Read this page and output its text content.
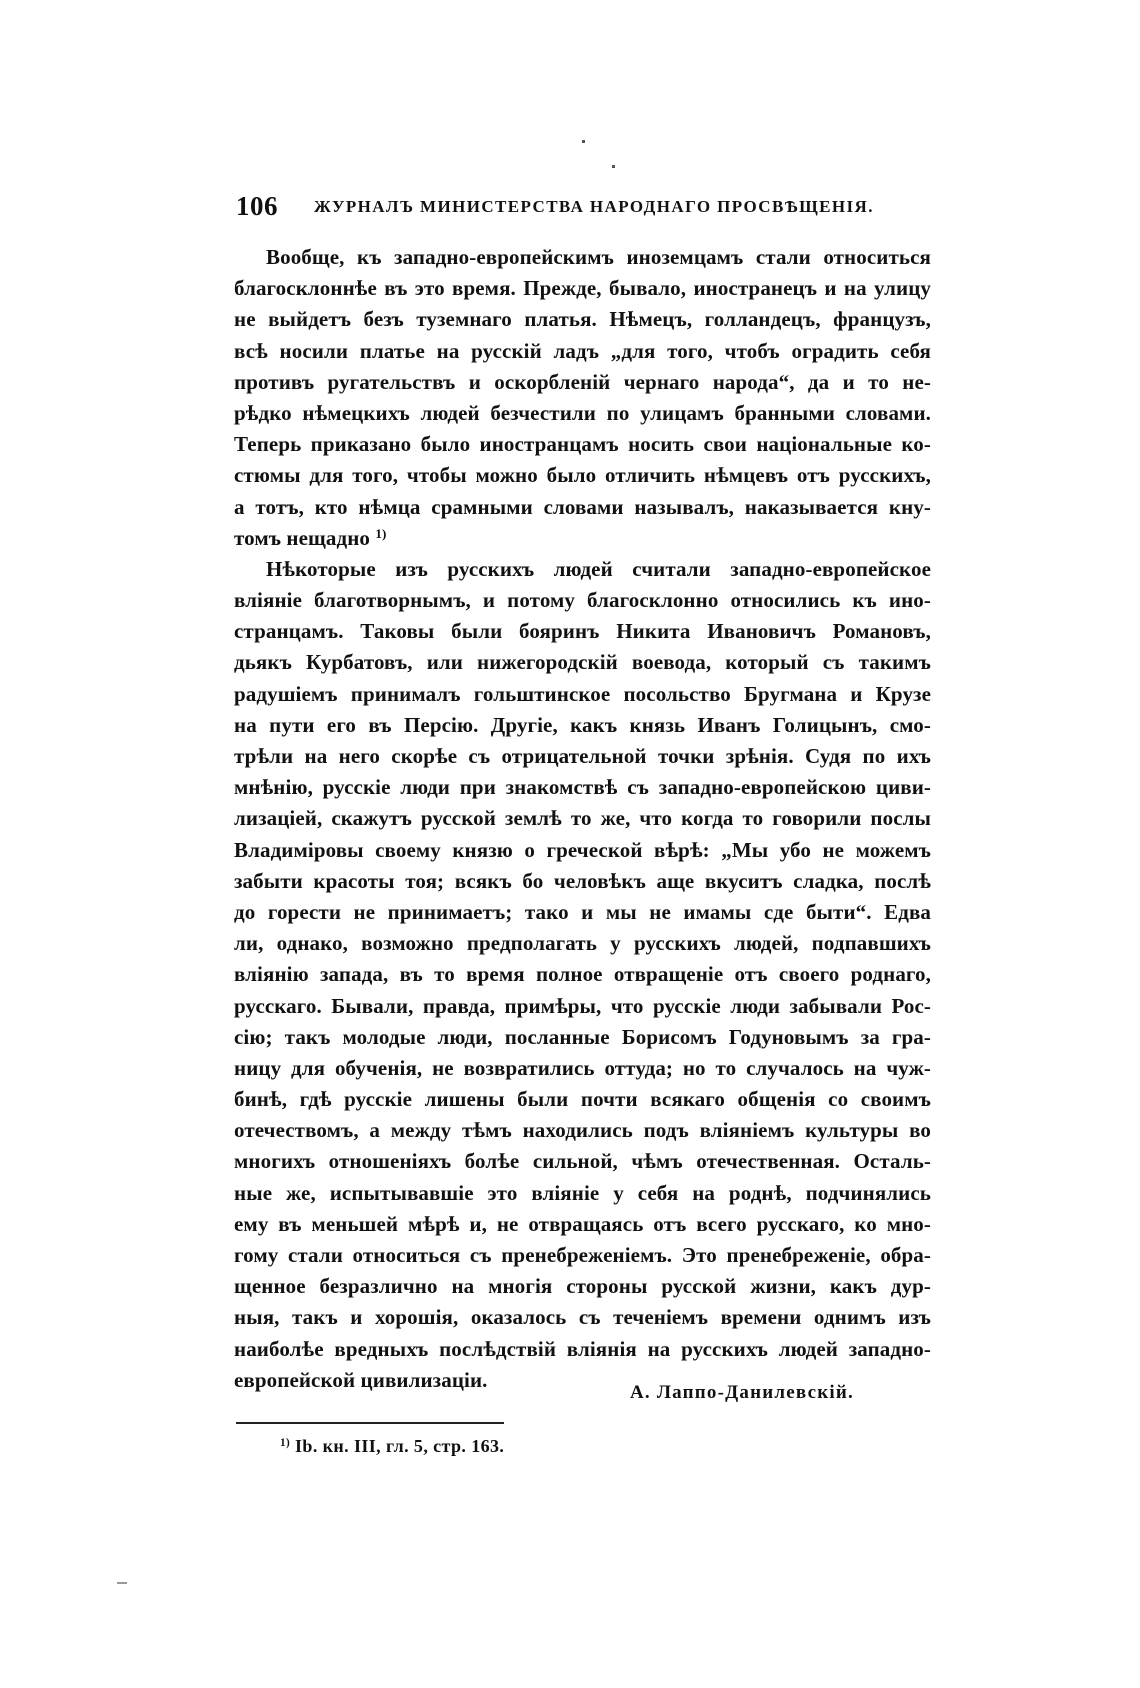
106 ЖУРНАЛЪ МИНИСТЕРСТВА НАРОДНАГО ПРОСВѢЩЕНІЯ.
Вообще, къ западно-европейскимъ иноземцамъ стали относиться
благосклоннѣе въ это время. Прежде, бывало, иностранецъ и на улицу
не выйдетъ безъ туземнаго платья. Нѣмецъ, голландецъ, французъ,
всѣ носили платье на русскій ладъ „для того, чтобъ оградить себя
противъ ругательствъ и оскорбленій чернаго народа“, да и то не-
рѣдко нѣмецкихъ людей безчестили по улицамъ бранными словами.
Теперь приказано было иностранцамъ носить свои національные ко-
стюмы для того, чтобы можно было отличить нѣмцевъ отъ русскихъ,
а тотъ, кто нѣмца срамными словами называлъ, наказывается кну-
томъ нещадно $^{1)}$
Нѣкоторые изъ русскихъ людей считали западно-европейское
вліяніе благотворнымъ, и потому благосклонно относились къ ино-
странцамъ. Таковы были бояринъ Никита Ивановичъ Романовъ,
дьякъ Курбатовъ, или нижегородскій воевода, который съ такимъ
радушіемъ принималъ гольштинское посольство Бругмана и Крузе
на пути его въ Персію. Другіе, какъ князь Иванъ Голицынъ, смо-
трѣли на него скорѣе съ отрицательной точки зрѣнія. Судя по ихъ
мнѣнію, русскіе люди при знакомствѣ съ западно-европейскою циви-
лизаціей, скажутъ русской землѣ то же, что когда то говорили послы
Владиміровы своему князю о греческой вѣрѣ: „Мы убо не можемъ
забыти красоты тоя; всякъ бо человѣкъ аще вкуситъ сладка, послѣ
до горести не принимаетъ; тако и мы не имамы сде быти“. Едва
ли, однако, возможно предполагать у русскихъ людей, подпавшихъ
вліянію запада, въ то время полное отвращеніе отъ своего роднаго,
русскаго. Бывали, правда, примѣры, что русскіе люди забывали Рос-
сію; такъ молодые люди, посланные Борисомъ Годуновымъ за гра-
ницу для обученія, не возвратились оттуда; но то случалось на чуж-
бинѣ, гдѣ русскіе лишены были почти всякаго общенія со своимъ
отечествомъ, а между тѣмъ находились подъ вліяніемъ культуры во
многихъ отношеніяхъ болѣе сильной, чѣмъ отечественная. Осталь-
ные же, испытывавшіе это вліяніе у себя на роднѣ, подчинялись
ему въ меньшей мѣрѣ и, не отвращаясь отъ всего русскаго, ко мно-
гому стали относиться съ пренебреженіемъ. Это пренебреженіе, обра-
щенное безразлично на многія стороны русской жизни, какъ дур-
ныя, такъ и хорошія, оказалось съ теченіемъ времени однимъ изъ
наиболѣе вредныхъ послѣдствій вліянія на русскихъ людей западно-
европейской цивилизаціи.
А. Лаппо-Данилевскій.
$^{1)}$ Ib. кн. III, гл. 5, стр. 163.
